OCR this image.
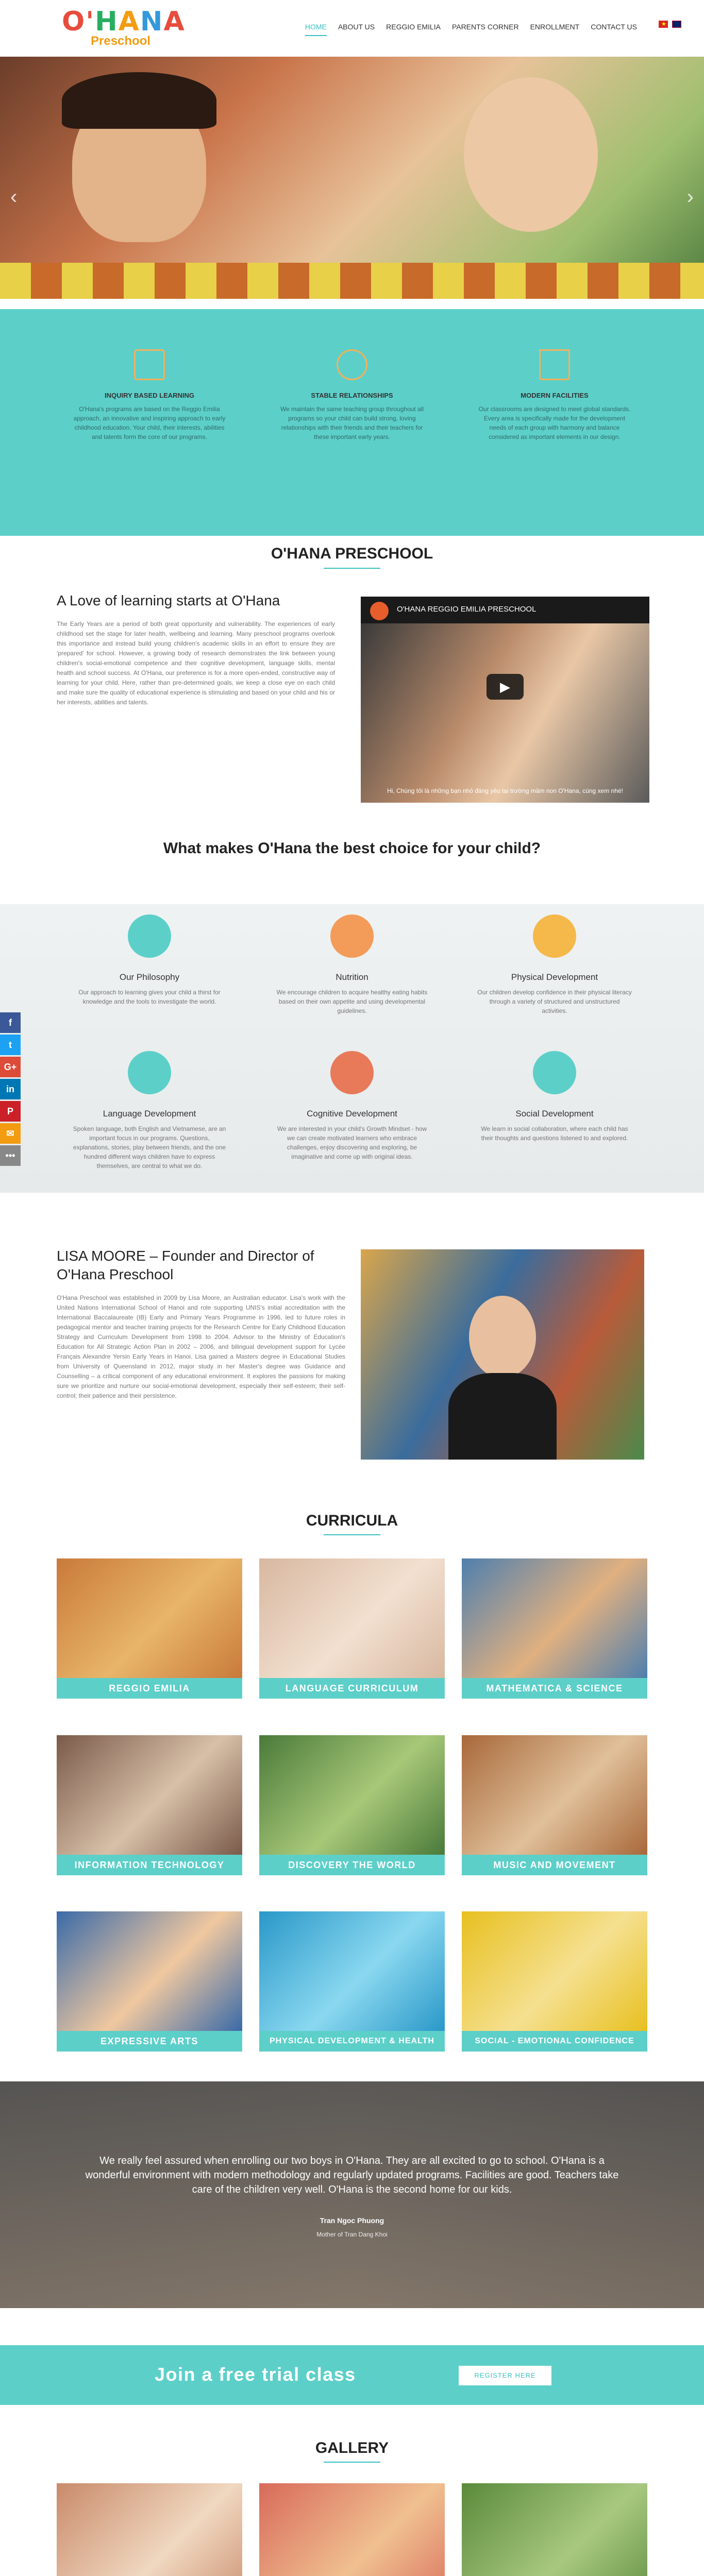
O'HANA
Preschool
HOME ABOUT US REGGIO EMILIA PARENTS CORNER ENROLLMENT CONTACT US	★
‹	›
INQUIRY BASED LEARNING

O'Hana's programs are based on the Reggio Emilia approach, an innovative and inspiring approach to early childhood education. Your child, their interests, abilities and talents form the core of our programs.

STABLE RELATIONSHIPS

We maintain the same teaching group throughout all programs so your child can build strong, loving relationships with their friends and their teachers for these important early years.

MODERN FACILITIES

Our classrooms are designed to meet global standards. Every area is specifically made for the development needs of each group with harmony and balance considered as important elements in our design.

O'HANA PRESCHOOL
A Love of learning starts at O'Hana

The Early Years are a period of both great opportunity and vulnerability. The experiences of early childhood set the stage for later health, wellbeing and learning. Many preschool programs overlook this importance and instead build young children's academic skills in an effort to ensure they are 'prepared' for school. However, a growing body of research demonstrates the link between young children's social-emotional competence and their cognitive development, language skills, mental health and school success. At O'Hana, our preference is for a more open-ended, constructive way of learning for your child. Here, rather than pre-determined goals, we keep a close eye on each child and make sure the quality of educational experience is stimulating and based on your child and his or her interests, abilities and talents.

O'HANA REGGIO EMILIA PRESCHOOL
▶
Hi, Chúng tôi là những bạn nhỏ đáng yêu tại trường mầm non O'Hana, cùng xem nhé!
What makes O'Hana the best choice for your child?
Our Philosophy

Our approach to learning gives your child a thirst for knowledge and the tools to investigate the world.

Nutrition

We encourage children to acquire healthy eating habits based on their own appetite and using developmental guidelines.

Physical Development

Our children develop confidence in their physical literacy through a variety of structured and unstructured activities.

Language Development

Spoken language, both English and Vietnamese, are an important focus in our programs. Questions, explanations, stories, play between friends, and the one hundred different ways children have to express themselves, are central to what we do.

Cognitive Development

We are interested in your child's Growth Mindset - how we can create motivated learners who embrace challenges, enjoy discovering and exploring, be imaginative and come up with original ideas.

Social Development

We learn in social collaboration, where each child has their thoughts and questions listened to and explored.

f
t
G+
in
P
✉
•••
LISA MOORE – Founder and Director of O'Hana Preschool

O'Hana Preschool was established in 2009 by Lisa Moore, an Australian educator. Lisa's work with the United Nations International School of Hanoi and role supporting UNIS's initial accreditation with the International Baccalaureate (IB) Early and Primary Years Programme in 1996, led to future roles in pedagogical mentor and teacher training projects for the Research Centre for Early Childhood Education Strategy and Curriculum Development from 1998 to 2004. Advisor to the Ministry of Education's Education for All Strategic Action Plan in 2002 – 2006, and bilingual development support for Lycée Français Alexandre Yersin Early Years in Hanoi. Lisa gained a Masters degree in Educational Studies from University of Queensland in 2012, major study in her Master's degree was Guidance and Counselling – a critical component of any educational environment. It explores the passions for making sure we prioritize and nurture our social-emotional development, especially their self-esteem; their self-control; their patience and their persistence.

CURRICULA
REGGIO EMILIA	LANGUAGE CURRICULUM	MATHEMATICA & SCIENCE
INFORMATION TECHNOLOGY	DISCOVERY THE WORLD	MUSIC AND MOVEMENT
EXPRESSIVE ARTS	PHYSICAL DEVELOPMENT & HEALTH	SOCIAL - EMOTIONAL CONFIDENCE

We really feel assured when enrolling our two boys in O'Hana. They are all excited to go to school. O'Hana is a wonderful environment with modern methodology and regularly updated programs. Facilities are good. Teachers take care of the children very well. O'Hana is the second home for our kids.

Tran Ngoc Phuong
Mother of Tran Dang Khoi
Join a free trial class	REGISTER HERE
GALLERY
